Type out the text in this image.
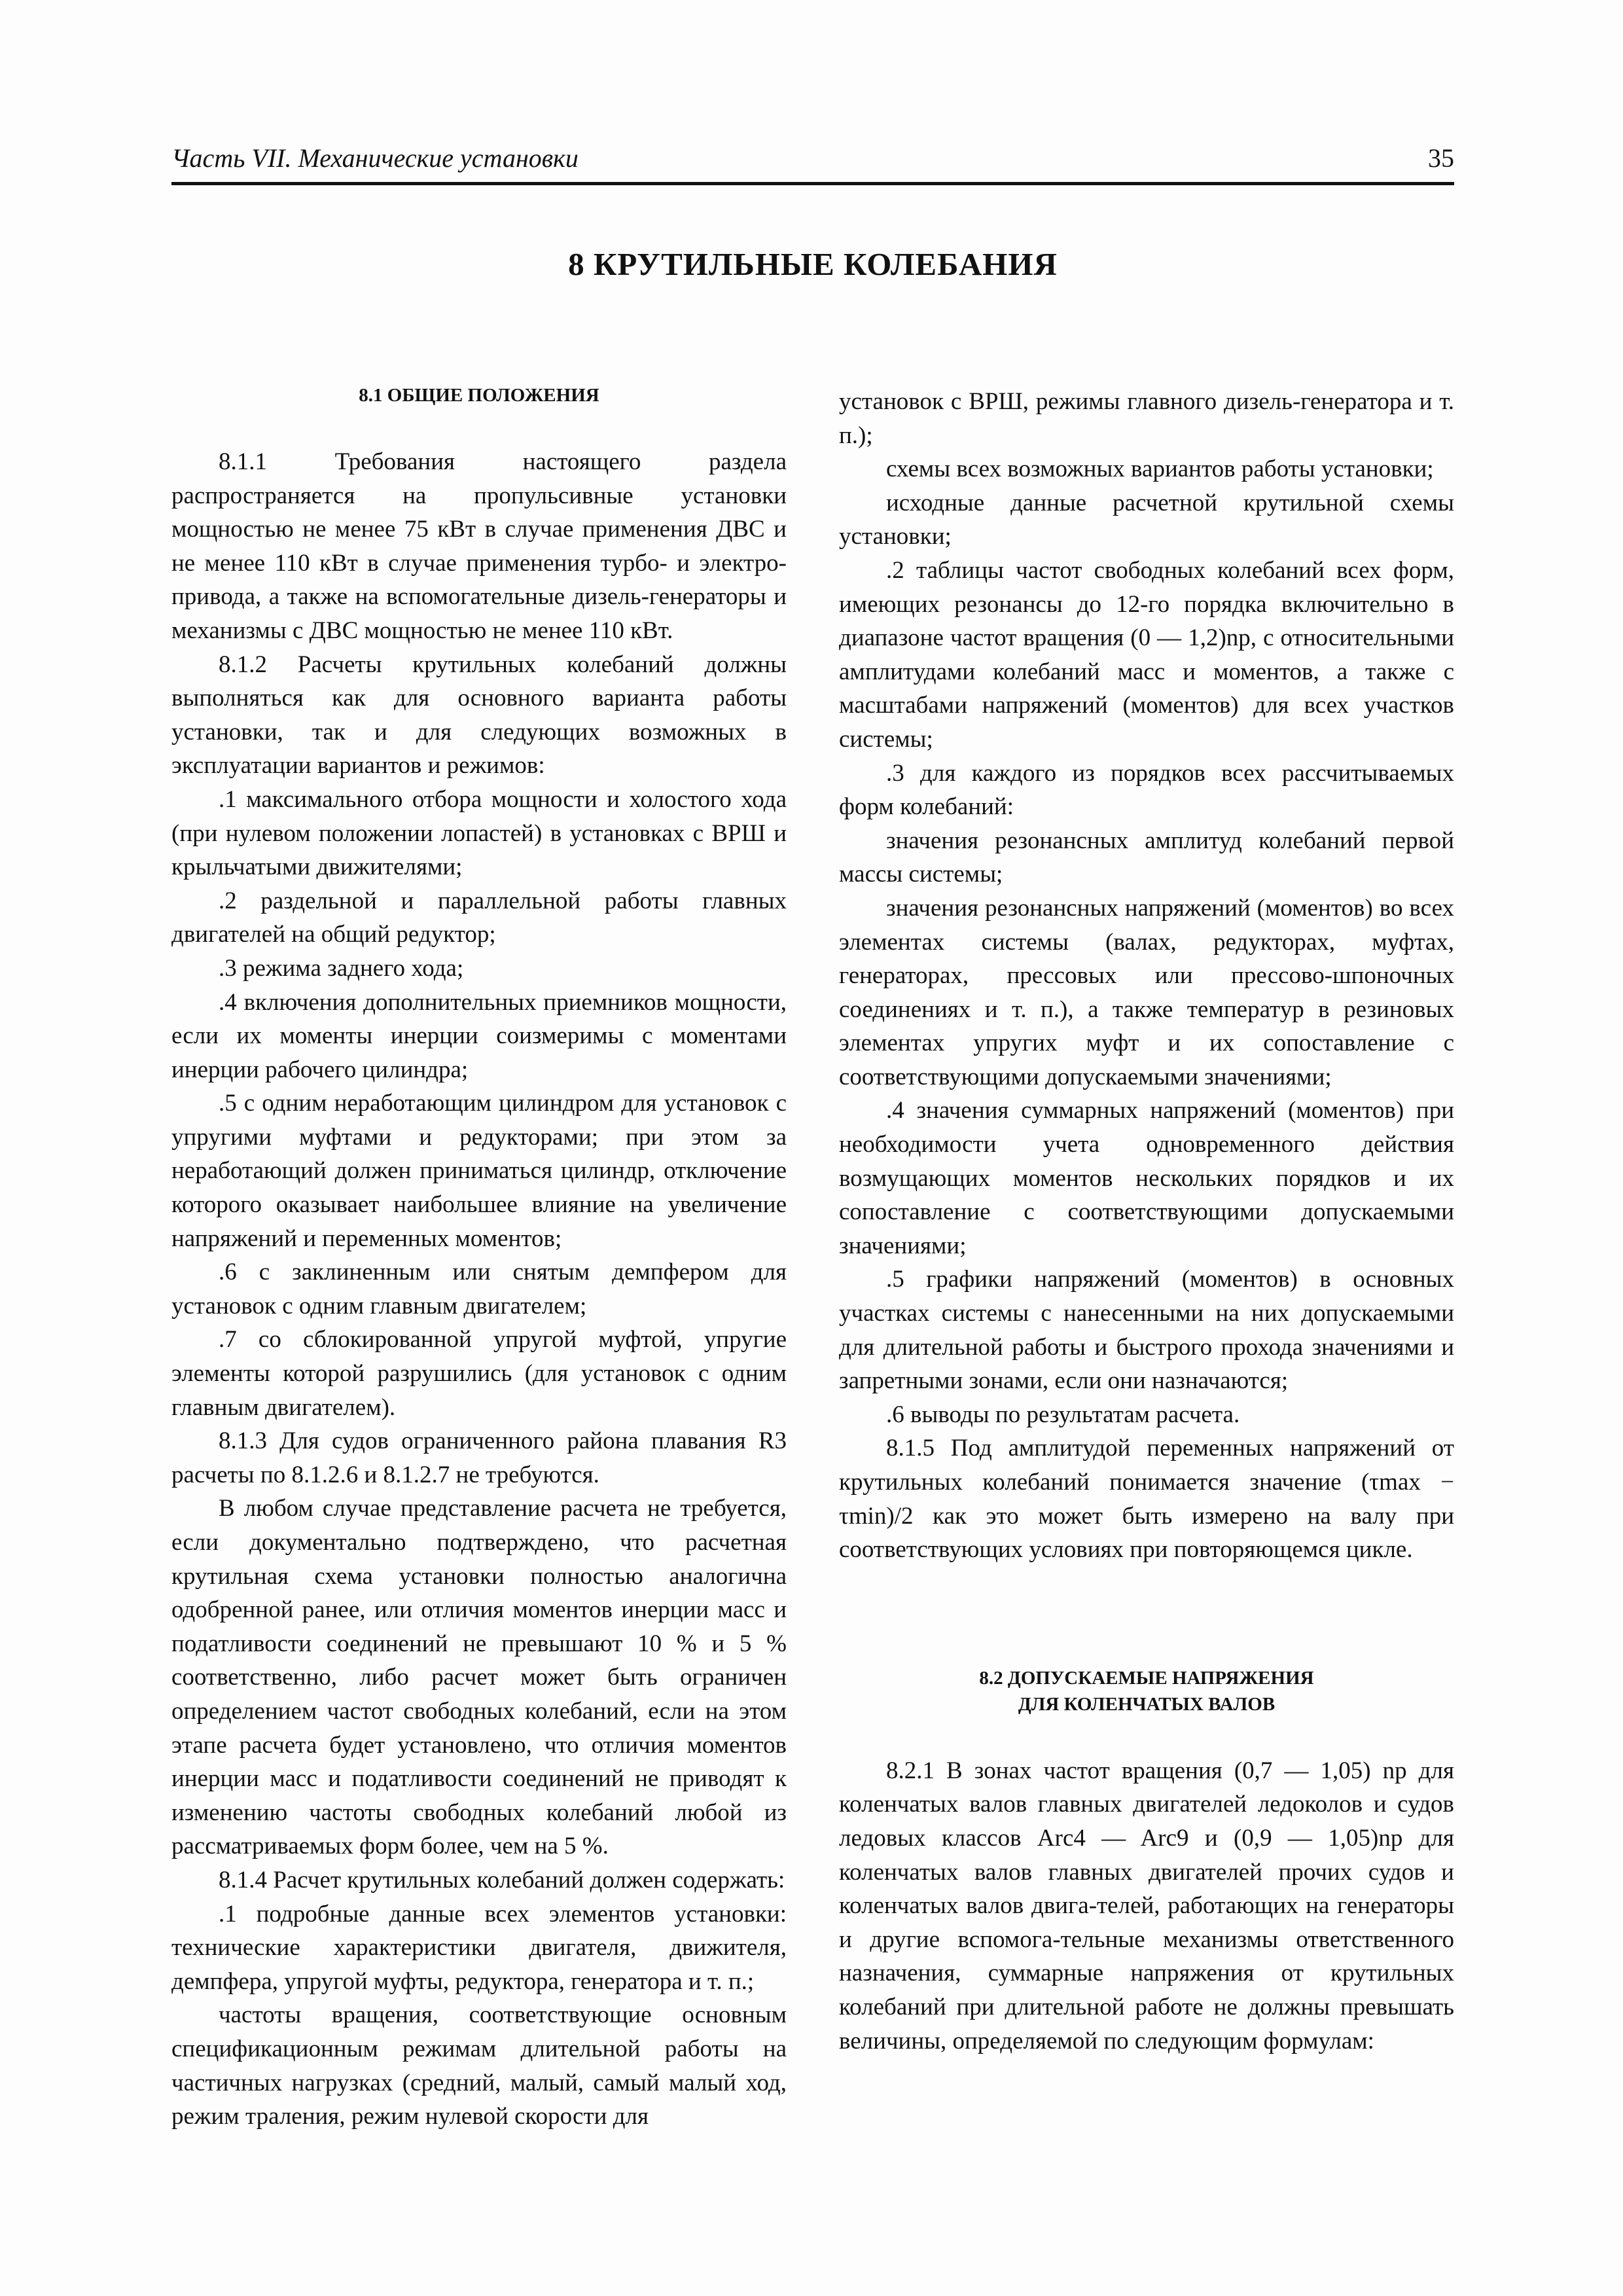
Часть VII. Механические установки	35
8 КРУТИЛЬНЫЕ КОЛЕБАНИЯ
8.1 ОБЩИЕ ПОЛОЖЕНИЯ

8.1.1 Требования настоящего раздела распространяется на пропульсивные установки мощностью не менее 75 кВт в случае применения ДВС и не менее 110 кВт в случае применения турбо- и электро-привода, а также на вспомогательные дизель-генераторы и механизмы с ДВС мощностью не менее 110 кВт.

8.1.2 Расчеты крутильных колебаний должны выполняться как для основного варианта работы установки, так и для следующих возможных в эксплуатации вариантов и режимов:

.1 максимального отбора мощности и холостого хода (при нулевом положении лопастей) в установках с ВРШ и крыльчатыми движителями;

.2 раздельной и параллельной работы главных двигателей на общий редуктор;

.3 режима заднего хода;

.4 включения дополнительных приемников мощности, если их моменты инерции соизмеримы с моментами инерции рабочего цилиндра;

.5 с одним неработающим цилиндром для установок с упругими муфтами и редукторами; при этом за неработающий должен приниматься цилиндр, отключение которого оказывает наибольшее влияние на увеличение напряжений и переменных моментов;

.6 с заклиненным или снятым демпфером для установок с одним главным двигателем;

.7 со сблокированной упругой муфтой, упругие элементы которой разрушились (для установок с одним главным двигателем).

8.1.3 Для судов ограниченного района плавания R3 расчеты по 8.1.2.6 и 8.1.2.7 не требуются.

В любом случае представление расчета не требуется, если документально подтверждено, что расчетная крутильная схема установки полностью аналогична одобренной ранее, или отличия моментов инерции масс и податливости соединений не превышают 10 % и 5 % соответственно, либо расчет может быть ограничен определением частот свободных колебаний, если на этом этапе расчета будет установлено, что отличия моментов инерции масс и податливости соединений не приводят к изменению частоты свободных колебаний любой из рассматриваемых форм более, чем на 5 %.

8.1.4 Расчет крутильных колебаний должен содержать:

.1 подробные данные всех элементов установки: технические характеристики двигателя, движителя, демпфера, упругой муфты, редуктора, генератора и т. п.;

частоты вращения, соответствующие основным спецификационным режимам длительной работы на частичных нагрузках (средний, малый, самый малый ход, режим траления, режим нулевой скорости для

установок с ВРШ, режимы главного дизель-генератора и т. п.);

схемы всех возможных вариантов работы установки;

исходные данные расчетной крутильной схемы установки;

.2 таблицы частот свободных колебаний всех форм, имеющих резонансы до 12-го порядка включительно в диапазоне частот вращения (0 — 1,2)nр, с относительными амплитудами колебаний масс и моментов, а также с масштабами напряжений (моментов) для всех участков системы;

.3 для каждого из порядков всех рассчитываемых форм колебаний:

значения резонансных амплитуд колебаний первой массы системы;

значения резонансных напряжений (моментов) во всех элементах системы (валах, редукторах, муфтах, генераторах, прессовых или прессово-шпоночных соединениях и т. п.), а также температур в резиновых элементах упругих муфт и их сопоставление с соответствующими допускаемыми значениями;

.4 значения суммарных напряжений (моментов) при необходимости учета одновременного действия возмущающих моментов нескольких порядков и их сопоставление с соответствующими допускаемыми значениями;

.5 графики напряжений (моментов) в основных участках системы с нанесенными на них допускаемыми для длительной работы и быстрого прохода значениями и запретными зонами, если они назначаются;

.6 выводы по результатам расчета.

8.1.5 Под амплитудой переменных напряжений от крутильных колебаний понимается значение (τmax − τmin)/2 как это может быть измерено на валу при соответствующих условиях при повторяющемся цикле.

8.2 ДОПУСКАЕМЫЕ НАПРЯЖЕНИЯ
ДЛЯ КОЛЕНЧАТЫХ ВАЛОВ

8.2.1 В зонах частот вращения (0,7 — 1,05) nр для коленчатых валов главных двигателей ледоколов и судов ледовых классов Arc4 — Arc9 и (0,9 — 1,05)nр для коленчатых валов главных двигателей прочих судов и коленчатых валов двига-телей, работающих на генераторы и другие вспомога-тельные механизмы ответственного назначения, суммарные напряжения от крутильных колебаний при длительной работе не должны превышать величины, определяемой по следующим формулам:
